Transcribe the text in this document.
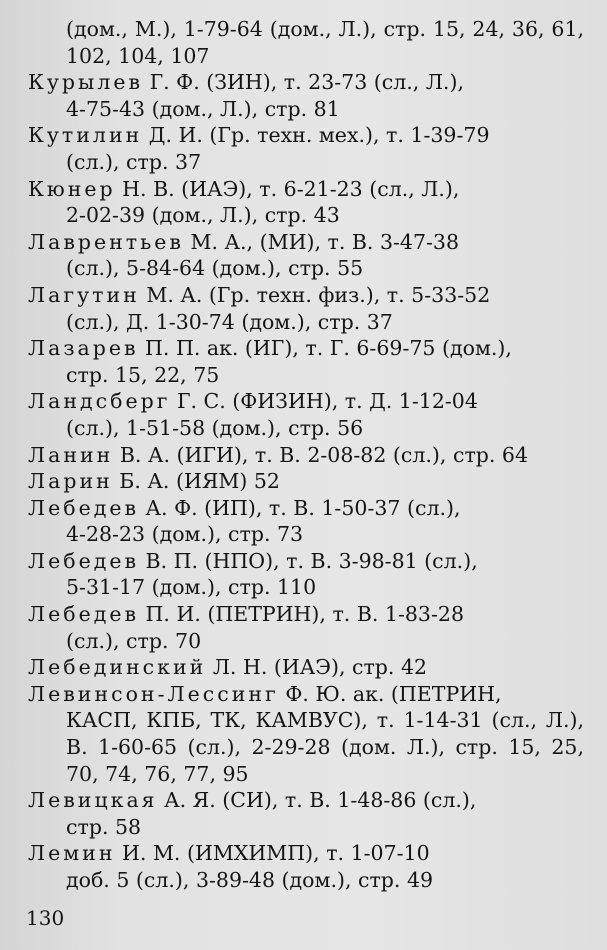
(дом., М.), 1-79-64 (дом., Л.), стр. 15, 24, 36, 61, 102, 104, 107
Курылев Г. Ф. (ЗИН), т. 23-73 (сл., Л.),
4-75-43 (дом., Л.), стр. 81
Кутилин Д. И. (Гр. техн. мех.), т. 1-39-79
(сл.), стр. 37
Кюнер Н. В. (ИАЭ), т. 6-21-23 (сл., Л.),
2-02-39 (дом., Л.), стр. 43
Лаврентьев М. А., (МИ), т. В. 3-47-38
(сл.), 5-84-64 (дом.), стр. 55
Лагутин М. А. (Гр. техн. физ.), т. 5-33-52
(сл.), Д. 1-30-74 (дом.), стр. 37
Лазарев П. П. ак. (ИГ), т. Г. 6-69-75 (дом.),
стр. 15, 22, 75
Ландсберг Г. С. (ФИЗИН), т. Д. 1-12-04
(сл.), 1-51-58 (дом.), стр. 56
Ланин В. А. (ИГИ), т. В. 2-08-82 (сл.), стр. 64
Ларин Б. А. (ИЯМ) 52
Лебедев А. Ф. (ИП), т. В. 1-50-37 (сл.),
4-28-23 (дом.), стр. 73
Лебедев В. П. (НПО), т. В. 3-98-81 (сл.),
5-31-17 (дом.), стр. 110
Лебедев П. И. (ПЕТРИН), т. В. 1-83-28
(сл.), стр. 70
Лебединский Л. Н. (ИАЭ), стр. 42
Левинсон-Лессинг Ф. Ю. ак. (ПЕТРИН,
КАСП, КПБ, ТК, КАМВУС), т. 1-14-31 (сл., Л.), В. 1-60-65 (сл.), 2-29-28 (дом. Л.), стр. 15, 25, 70, 74, 76, 77, 95
Левицкая А. Я. (СИ), т. В. 1-48-86 (сл.),
стр. 58
Лемин И. М. (ИМХИМП), т. 1-07-10
доб. 5 (сл.), 3-89-48 (дом.), стр. 49
130
